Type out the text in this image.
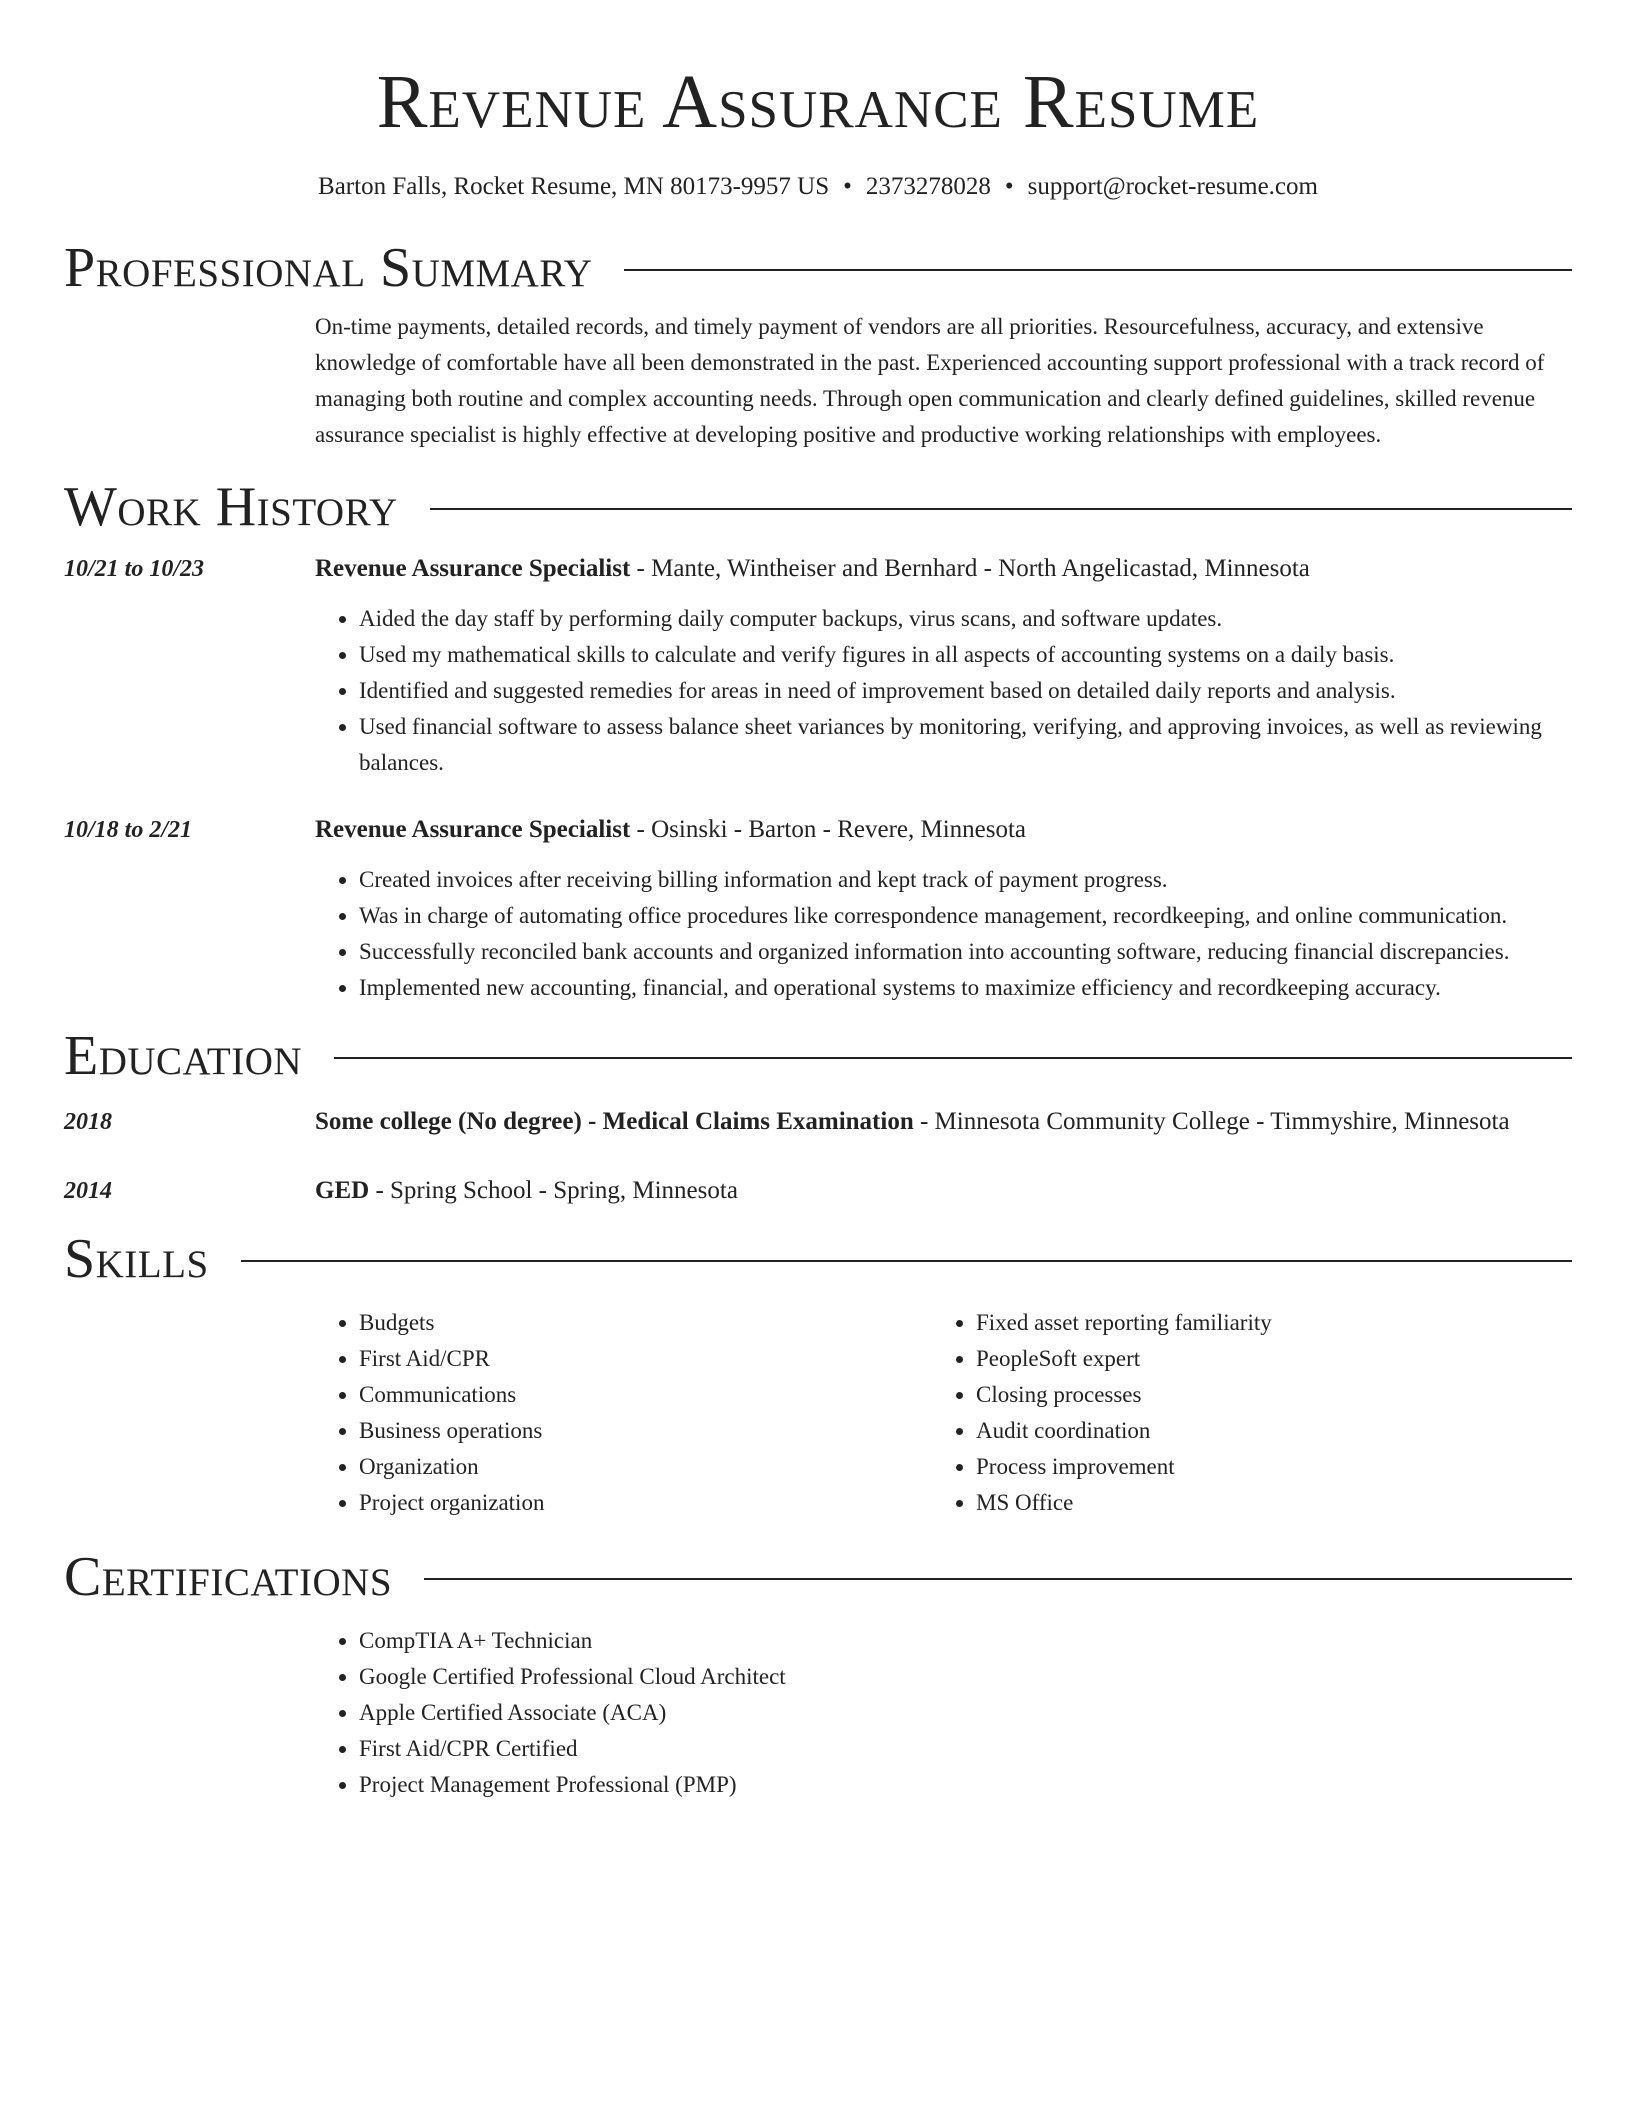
Revenue Assurance Resume
Barton Falls, Rocket Resume, MN 80173-9957 US • 2373278028 • support@rocket-resume.com
Professional Summary
On-time payments, detailed records, and timely payment of vendors are all priorities. Resourcefulness, accuracy, and extensive knowledge of comfortable have all been demonstrated in the past. Experienced accounting support professional with a track record of managing both routine and complex accounting needs. Through open communication and clearly defined guidelines, skilled revenue assurance specialist is highly effective at developing positive and productive working relationships with employees.
Work History
10/21 to 10/23	Revenue Assurance Specialist - Mante, Wintheiser and Bernhard - North Angelicastad, Minnesota
• Aided the day staff by performing daily computer backups, virus scans, and software updates.
• Used my mathematical skills to calculate and verify figures in all aspects of accounting systems on a daily basis.
• Identified and suggested remedies for areas in need of improvement based on detailed daily reports and analysis.
• Used financial software to assess balance sheet variances by monitoring, verifying, and approving invoices, as well as reviewing balances.
10/18 to 2/21	Revenue Assurance Specialist - Osinski - Barton - Revere, Minnesota
• Created invoices after receiving billing information and kept track of payment progress.
• Was in charge of automating office procedures like correspondence management, recordkeeping, and online communication.
• Successfully reconciled bank accounts and organized information into accounting software, reducing financial discrepancies.
• Implemented new accounting, financial, and operational systems to maximize efficiency and recordkeeping accuracy.
Education
2018	Some college (No degree) - Medical Claims Examination - Minnesota Community College - Timmyshire, Minnesota
2014	GED - Spring School - Spring, Minnesota
Skills
• Budgets
• First Aid/CPR
• Communications
• Business operations
• Organization
• Project organization
• Fixed asset reporting familiarity
• PeopleSoft expert
• Closing processes
• Audit coordination
• Process improvement
• MS Office
Certifications
• CompTIA A+ Technician
• Google Certified Professional Cloud Architect
• Apple Certified Associate (ACA)
• First Aid/CPR Certified
• Project Management Professional (PMP)
